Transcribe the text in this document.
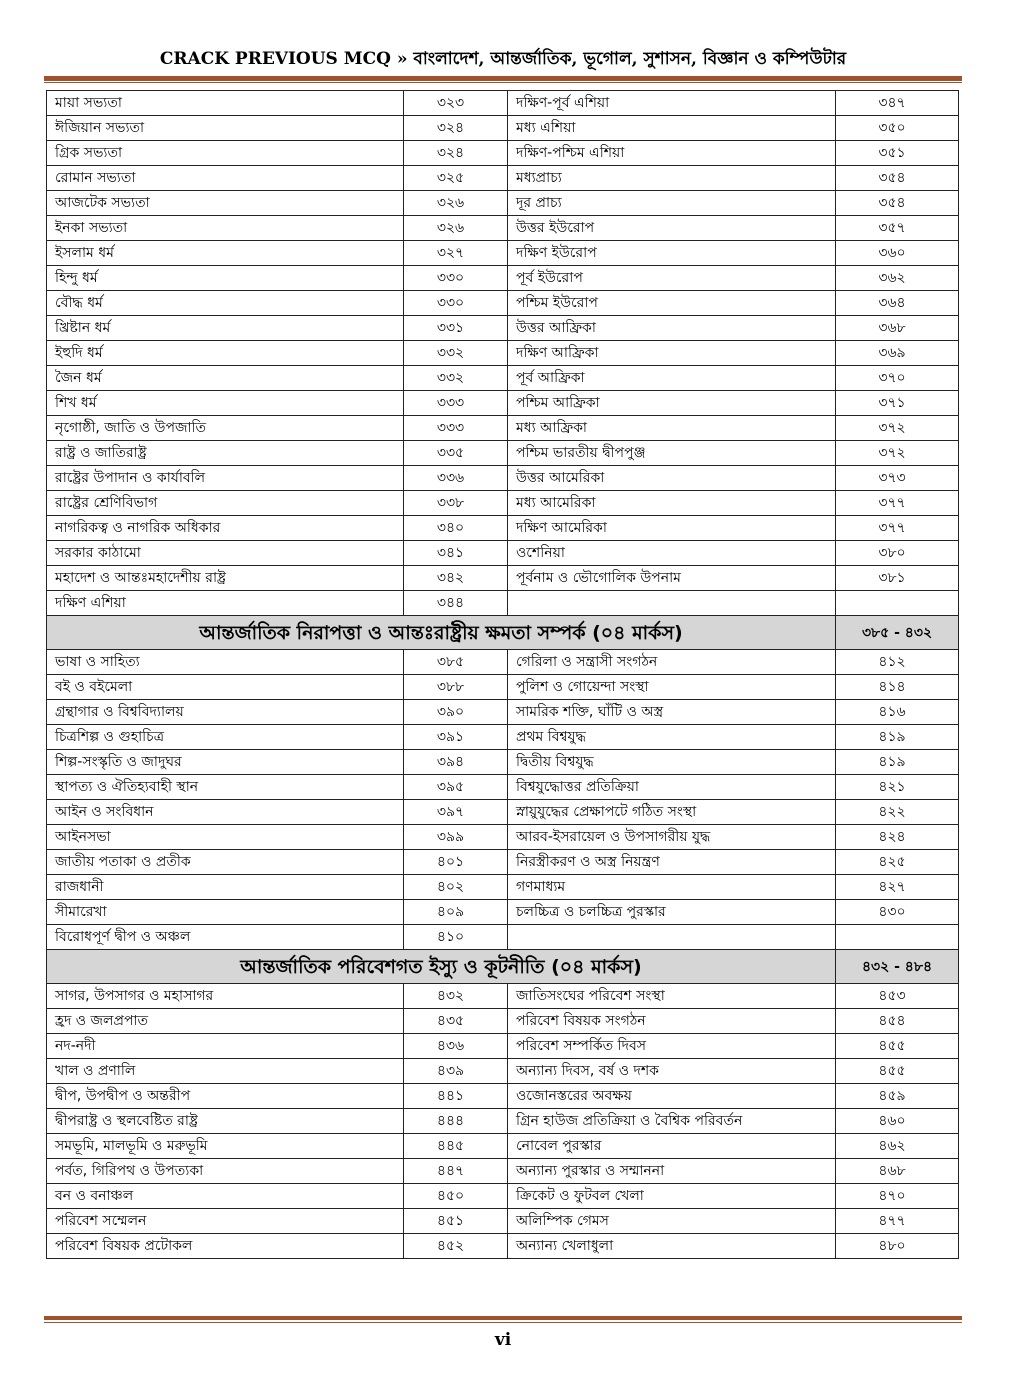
CRACK PREVIOUS MCQ » বাংলাদেশ, আন্তর্জাতিক, ভূগোল, সুশাসন, বিজ্ঞান ও কম্পিউটার
মায়া সভ্যতা	৩২৩	দক্ষিণ-পূর্ব এশিয়া	৩৪৭
ঈজিয়ান সভ্যতা	৩২৪	মধ্য এশিয়া	৩৫০
গ্রিক সভ্যতা	৩২৪	দক্ষিণ-পশ্চিম এশিয়া	৩৫১
রোমান সভ্যতা	৩২৫	মধ্যপ্রাচ্য	৩৫৪
আজটেক সভ্যতা	৩২৬	দূর প্রাচ্য	৩৫৪
ইনকা সভ্যতা	৩২৬	উত্তর ইউরোপ	৩৫৭
ইসলাম ধর্ম	৩২৭	দক্ষিণ ইউরোপ	৩৬০
হিন্দু ধর্ম	৩৩০	পূর্ব ইউরোপ	৩৬২
বৌদ্ধ ধর্ম	৩৩০	পশ্চিম ইউরোপ	৩৬৪
খ্রিষ্টান ধর্ম	৩৩১	উত্তর আফ্রিকা	৩৬৮
ইহুদি ধর্ম	৩৩২	দক্ষিণ আফ্রিকা	৩৬৯
জৈন ধর্ম	৩৩২	পূর্ব আফ্রিকা	৩৭০
শিখ ধর্ম	৩৩৩	পশ্চিম আফ্রিকা	৩৭১
নৃগোষ্ঠী, জাতি ও উপজাতি	৩৩৩	মধ্য আফ্রিকা	৩৭২
রাষ্ট্র ও জাতিরাষ্ট্র	৩৩৫	পশ্চিম ভারতীয় দ্বীপপুঞ্জ	৩৭২
রাষ্ট্রের উপাদান ও কার্যাবলি	৩৩৬	উত্তর আমেরিকা	৩৭৩
রাষ্ট্রের শ্রেণিবিভাগ	৩৩৮	মধ্য আমেরিকা	৩৭৭
নাগরিকত্ব ও নাগরিক অধিকার	৩৪০	দক্ষিণ আমেরিকা	৩৭৭
সরকার কাঠামো	৩৪১	ওশেনিয়া	৩৮০
মহাদেশ ও আন্তঃমহাদেশীয় রাষ্ট্র	৩৪২	পূর্বনাম ও ভৌগোলিক উপনাম	৩৮১
দক্ষিণ এশিয়া	৩৪৪		
আন্তর্জাতিক নিরাপত্তা ও আন্তঃরাষ্ট্রীয় ক্ষমতা সম্পর্ক (০৪ মার্কস)			৩৮৫ - ৪৩২
ভাষা ও সাহিত্য	৩৮৫	গেরিলা ও সন্ত্রাসী সংগঠন	৪১২
বই ও বইমেলা	৩৮৮	পুলিশ ও গোয়েন্দা সংস্থা	৪১৪
গ্রন্থাগার ও বিশ্ববিদ্যালয়	৩৯০	সামরিক শক্তি, ঘাঁটি ও অস্ত্র	৪১৬
চিত্রশিল্প ও গুহাচিত্র	৩৯১	প্রথম বিশ্বযুদ্ধ	৪১৯
শিল্প-সংস্কৃতি ও জাদুঘর	৩৯৪	দ্বিতীয় বিশ্বযুদ্ধ	৪১৯
স্থাপত্য ও ঐতিহ্যবাহী স্থান	৩৯৫	বিশ্বযুদ্ধোত্তর প্রতিক্রিয়া	৪২১
আইন ও সংবিধান	৩৯৭	স্নায়ুযুদ্ধের প্রেক্ষাপটে গঠিত সংস্থা	৪২২
আইনসভা	৩৯৯	আরব-ইসরায়েল ও উপসাগরীয় যুদ্ধ	৪২৪
জাতীয় পতাকা ও প্রতীক	৪০১	নিরস্ত্রীকরণ ও অস্ত্র নিয়ন্ত্রণ	৪২৫
রাজধানী	৪০২	গণমাধ্যম	৪২৭
সীমারেখা	৪০৯	চলচ্চিত্র ও চলচ্চিত্র পুরস্কার	৪৩০
বিরোধপূর্ণ দ্বীপ ও অঞ্চল	৪১০		
আন্তর্জাতিক পরিবেশগত ইস্যু ও কূটনীতি (০৪ মার্কস)			৪৩২ - ৪৮৪
সাগর, উপসাগর ও মহাসাগর	৪৩২	জাতিসংঘের পরিবেশ সংস্থা	৪৫৩
হ্রদ ও জলপ্রপাত	৪৩৫	পরিবেশ বিষয়ক সংগঠন	৪৫৪
নদ-নদী	৪৩৬	পরিবেশ সম্পর্কিত দিবস	৪৫৫
খাল ও প্রণালি	৪৩৯	অন্যান্য দিবস, বর্ষ ও দশক	৪৫৫
দ্বীপ, উপদ্বীপ ও অন্তরীপ	৪৪১	ওজোনস্তরের অবক্ষয়	৪৫৯
দ্বীপরাষ্ট্র ও স্থলবেষ্টিত রাষ্ট্র	৪৪৪	গ্রিন হাউজ প্রতিক্রিয়া ও বৈশ্বিক পরিবর্তন	৪৬০
সমভূমি, মালভূমি ও মরুভূমি	৪৪৫	নোবেল পুরস্কার	৪৬২
পর্বত, গিরিপথ ও উপত্যকা	৪৪৭	অন্যান্য পুরস্কার ও সম্মাননা	৪৬৮
বন ও বনাঞ্চল	৪৫০	ক্রিকেট ও ফুটবল খেলা	৪৭০
পরিবেশ সম্মেলন	৪৫১	অলিম্পিক গেমস	৪৭৭
পরিবেশ বিষয়ক প্রটোকল	৪৫২	অন্যান্য খেলাধুলা	৪৮০
vi
